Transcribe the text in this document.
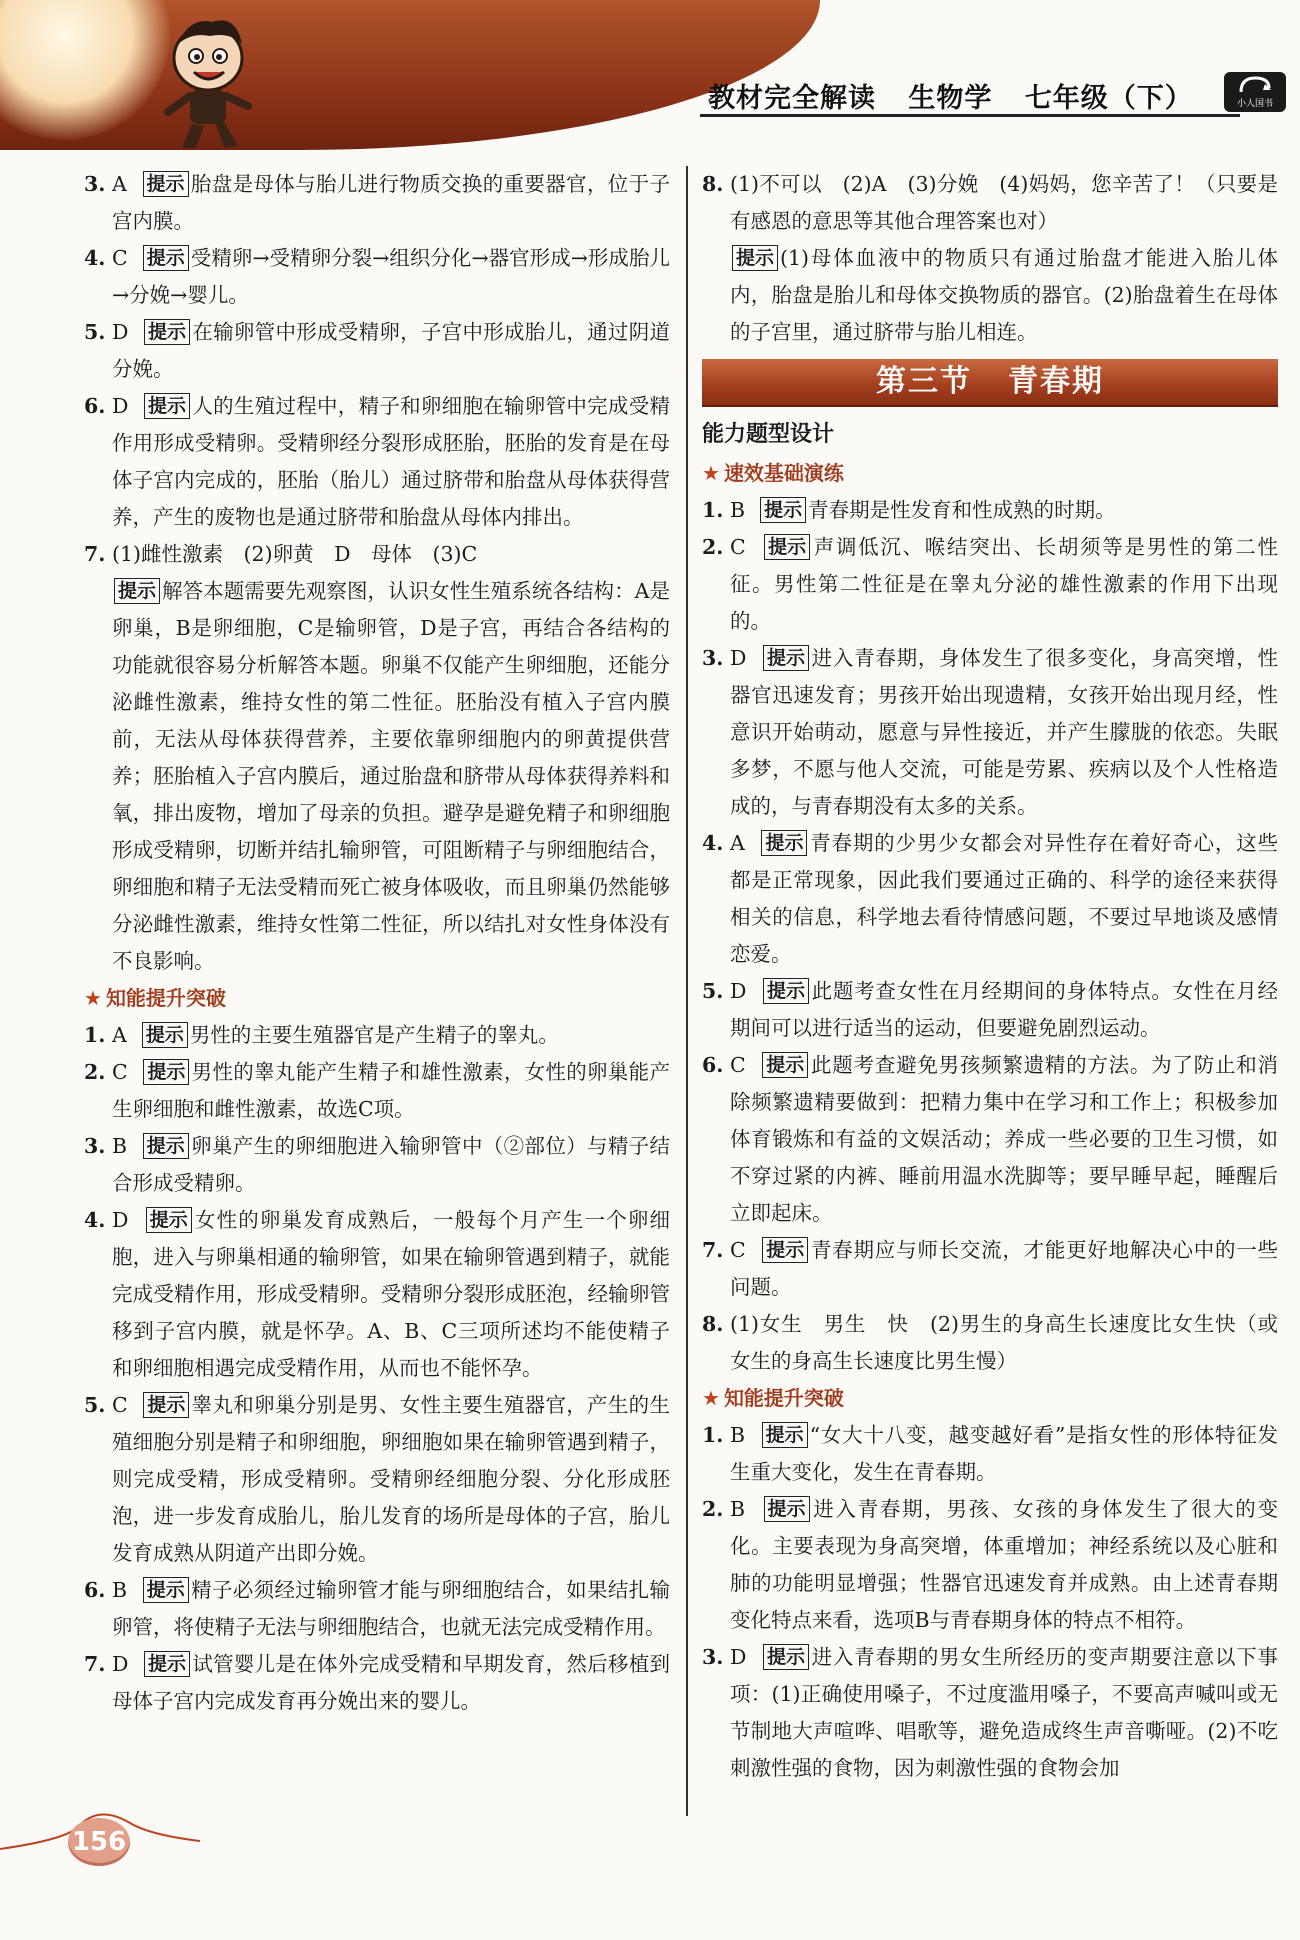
教材完全解读 生物学 七年级（下）	小人国书
3. A 提示 胎盘是母体与胎儿进行物质交换的重要器官，位于子宫内膜。
4. C 提示 受精卵→受精卵分裂→组织分化→器官形成→形成胎儿→分娩→婴儿。
5. D 提示 在输卵管中形成受精卵，子宫中形成胎儿，通过阴道分娩。
6. D 提示 人的生殖过程中，精子和卵细胞在输卵管中完成受精作用形成受精卵。受精卵经分裂形成胚胎，胚胎的发育是在母体子宫内完成的，胚胎（胎儿）通过脐带和胎盘从母体获得营养，产生的废物也是通过脐带和胎盘从母体内排出。
7. (1)雌性激素　(2)卵黄　D　母体　(3)C
提示 解答本题需要先观察图，认识女性生殖系统各结构：A是卵巢，B是卵细胞，C是输卵管，D是子宫，再结合各结构的功能就很容易分析解答本题。卵巢不仅能产生卵细胞，还能分泌雌性激素，维持女性的第二性征。胚胎没有植入子宫内膜前，无法从母体获得营养，主要依靠卵细胞内的卵黄提供营养；胚胎植入子宫内膜后，通过胎盘和脐带从母体获得养料和氧，排出废物，增加了母亲的负担。避孕是避免精子和卵细胞形成受精卵，切断并结扎输卵管，可阻断精子与卵细胞结合，卵细胞和精子无法受精而死亡被身体吸收，而且卵巢仍然能够分泌雌性激素，维持女性第二性征，所以结扎对女性身体没有不良影响。
★ 知能提升突破
1. A 提示 男性的主要生殖器官是产生精子的睾丸。
2. C 提示 男性的睾丸能产生精子和雄性激素，女性的卵巢能产生卵细胞和雌性激素，故选C项。
3. B 提示 卵巢产生的卵细胞进入输卵管中（②部位）与精子结合形成受精卵。
4. D 提示 女性的卵巢发育成熟后，一般每个月产生一个卵细胞，进入与卵巢相通的输卵管，如果在输卵管遇到精子，就能完成受精作用，形成受精卵。受精卵分裂形成胚泡，经输卵管移到子宫内膜，就是怀孕。A、B、C三项所述均不能使精子和卵细胞相遇完成受精作用，从而也不能怀孕。
5. C 提示 睾丸和卵巢分别是男、女性主要生殖器官，产生的生殖细胞分别是精子和卵细胞，卵细胞如果在输卵管遇到精子，则完成受精，形成受精卵。受精卵经细胞分裂、分化形成胚泡，进一步发育成胎儿，胎儿发育的场所是母体的子宫，胎儿发育成熟从阴道产出即分娩。
6. B 提示 精子必须经过输卵管才能与卵细胞结合，如果结扎输卵管，将使精子无法与卵细胞结合，也就无法完成受精作用。
7. D 提示 试管婴儿是在体外完成受精和早期发育，然后移植到母体子宫内完成发育再分娩出来的婴儿。
8. (1)不可以　(2)A　(3)分娩　(4)妈妈，您辛苦了！（只要是有感恩的意思等其他合理答案也对）
提示 (1)母体血液中的物质只有通过胎盘才能进入胎儿体内，胎盘是胎儿和母体交换物质的器官。(2)胎盘着生在母体的子宫里，通过脐带与胎儿相连。
第三节 青春期
能力题型设计
★ 速效基础演练
1. B 提示 青春期是性发育和性成熟的时期。
2. C 提示 声调低沉、喉结突出、长胡须等是男性的第二性征。男性第二性征是在睾丸分泌的雄性激素的作用下出现的。
3. D 提示 进入青春期，身体发生了很多变化，身高突增，性器官迅速发育；男孩开始出现遗精，女孩开始出现月经，性意识开始萌动，愿意与异性接近，并产生朦胧的依恋。失眠多梦，不愿与他人交流，可能是劳累、疾病以及个人性格造成的，与青春期没有太多的关系。
4. A 提示 青春期的少男少女都会对异性存在着好奇心，这些都是正常现象，因此我们要通过正确的、科学的途径来获得相关的信息，科学地去看待情感问题，不要过早地谈及感情恋爱。
5. D 提示 此题考查女性在月经期间的身体特点。女性在月经期间可以进行适当的运动，但要避免剧烈运动。
6. C 提示 此题考查避免男孩频繁遗精的方法。为了防止和消除频繁遗精要做到：把精力集中在学习和工作上；积极参加体育锻炼和有益的文娱活动；养成一些必要的卫生习惯，如不穿过紧的内裤、睡前用温水洗脚等；要早睡早起，睡醒后立即起床。
7. C 提示 青春期应与师长交流，才能更好地解决心中的一些问题。
8. (1)女生　男生　快　(2)男生的身高生长速度比女生快（或女生的身高生长速度比男生慢）
★ 知能提升突破
1. B 提示 “女大十八变，越变越好看”是指女性的形体特征发生重大变化，发生在青春期。
2. B 提示 进入青春期，男孩、女孩的身体发生了很大的变化。主要表现为身高突增，体重增加；神经系统以及心脏和肺的功能明显增强；性器官迅速发育并成熟。由上述青春期变化特点来看，选项B与青春期身体的特点不相符。
3. D 提示 进入青春期的男女生所经历的变声期要注意以下事项：(1)正确使用嗓子，不过度滥用嗓子，不要高声喊叫或无节制地大声喧哗、唱歌等，避免造成终生声音嘶哑。(2)不吃刺激性强的食物，因为刺激性强的食物会加
156
